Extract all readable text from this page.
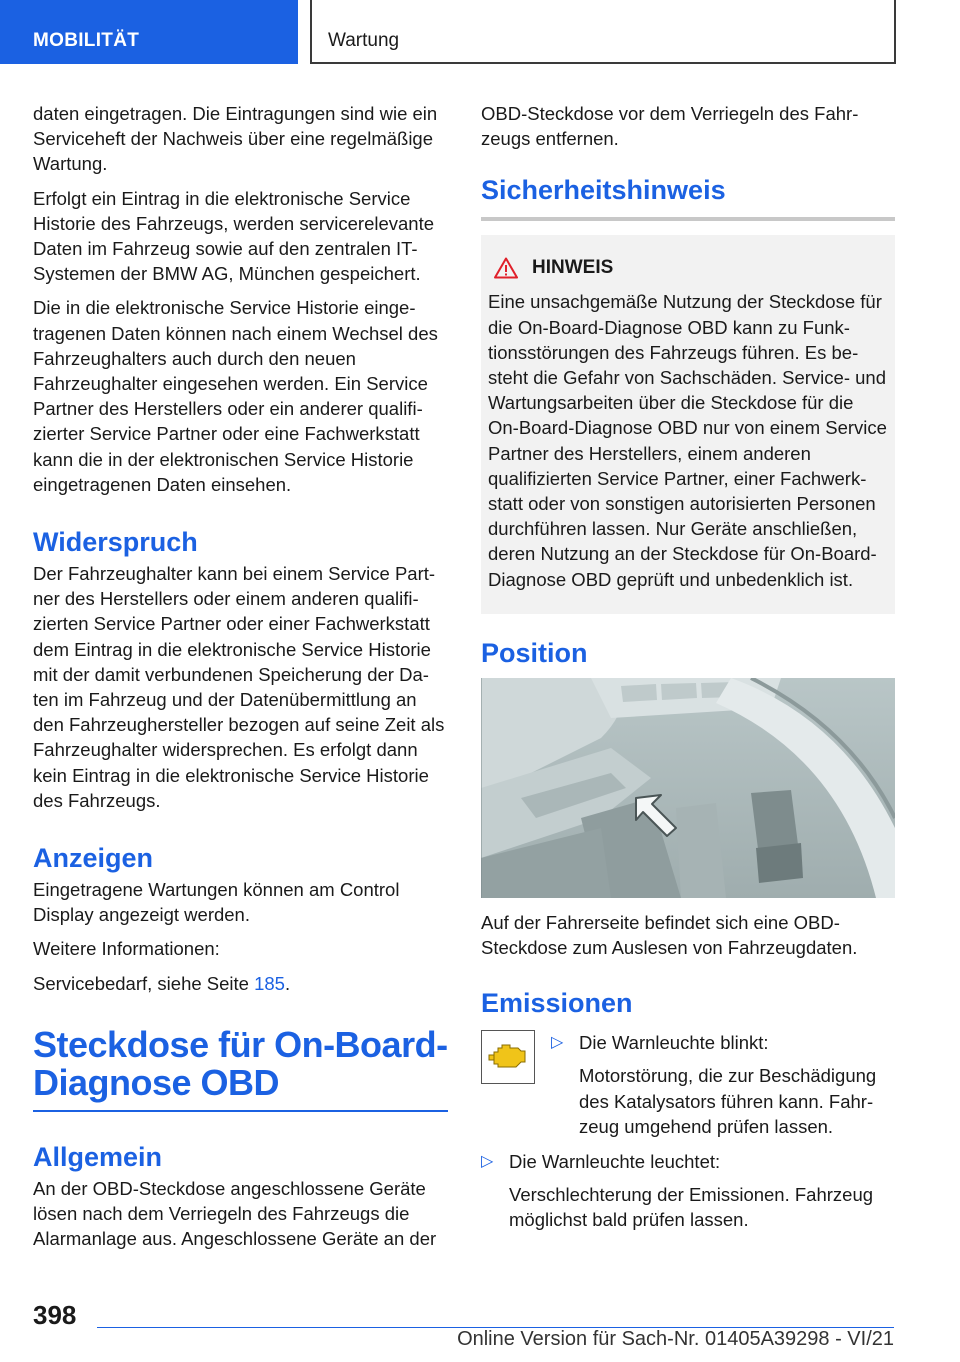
MOBILITÄT	Wartung

daten eingetragen. Die Eintragungen sind wie ein Serviceheft der Nachweis über eine regelmäßige Wartung.

Erfolgt ein Eintrag in die elektronische Service Historie des Fahrzeugs, werden servicerelevante Daten im Fahrzeug sowie auf den zentralen IT-Systemen der BMW AG, München gespeichert.

Die in die elektronische Service Historie eingetragenen Daten können nach einem Wechsel des Fahrzeughalters auch durch den neuen Fahrzeughalter eingesehen werden. Ein Service Partner des Herstellers oder ein anderer qualifizierter Service Partner oder eine Fachwerkstatt kann die in der elektronischen Service Historie eingetragenen Daten einsehen.

Widerspruch

Der Fahrzeughalter kann bei einem Service Partner des Herstellers oder einem anderen qualifizierten Service Partner oder einer Fachwerkstatt dem Eintrag in die elektronische Service Historie mit der damit verbundenen Speicherung der Daten im Fahrzeug und der Datenübermittlung an den Fahrzeughersteller bezogen auf seine Zeit als Fahrzeughalter widersprechen. Es erfolgt dann kein Eintrag in die elektronische Service Historie des Fahrzeugs.

Anzeigen

Eingetragene Wartungen können am Control Display angezeigt werden.

Weitere Informationen:

Servicebedarf, siehe Seite 185.

Steckdose für On-Board-Diagnose OBD
Allgemein

An der OBD-Steckdose angeschlossene Geräte lösen nach dem Verriegeln des Fahrzeugs die Alarmanlage aus. Angeschlossene Geräte an der

OBD-Steckdose vor dem Verriegeln des Fahrzeugs entfernen.

Sicherheitshinweis
HINWEIS

Eine unsachgemäße Nutzung der Steckdose für die On-Board-Diagnose OBD kann zu Funktionsstörungen des Fahrzeugs führen. Es besteht die Gefahr von Sachschäden. Service- und Wartungsarbeiten über die Steckdose für die On-Board-Diagnose OBD nur von einem Service Partner des Herstellers, einem anderen qualifizierten Service Partner, einer Fachwerkstatt oder von sonstigen autorisierten Personen durchführen lassen. Nur Geräte anschließen, deren Nutzung an der Steckdose für On-Board-Diagnose OBD geprüft und unbedenklich ist.

Position

Auf der Fahrerseite befindet sich eine OBD-Steckdose zum Auslesen von Fahrzeugdaten.

Emissionen
▷ Die Warnleuchte blinkt:

Motorstörung, die zur Beschädigung des Katalysators führen kann. Fahrzeug umgehend prüfen lassen.

▷ Die Warnleuchte leuchtet:

Verschlechterung der Emissionen. Fahrzeug möglichst bald prüfen lassen.

398
Online Version für Sach-Nr. 01405A39298 - VI/21
